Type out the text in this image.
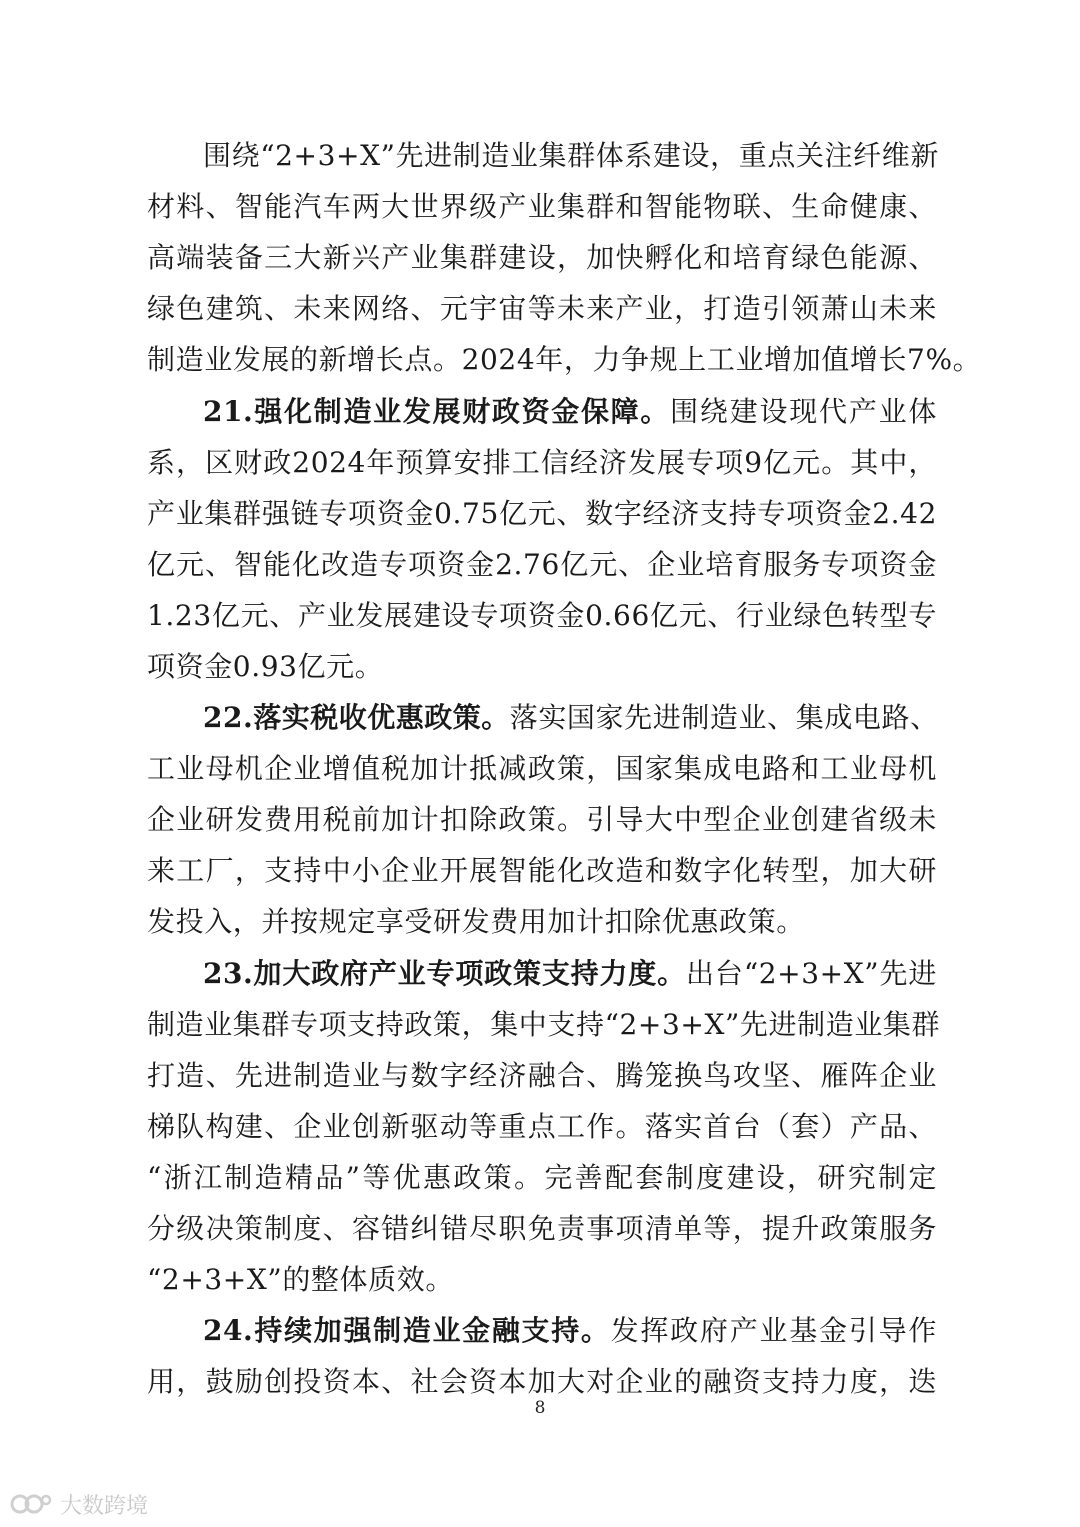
围绕“2+3+X”先进制造业集群体系建设，重点关注纤维新
材料、智能汽车两大世界级产业集群和智能物联、生命健康、
高端装备三大新兴产业集群建设，加快孵化和培育绿色能源、
绿色建筑、未来网络、元宇宙等未来产业，打造引领萧山未来
制造业发展的新增长点。2024年，力争规上工业增加值增长7%。
21.强化制造业发展财政资金保障。围绕建设现代产业体
系，区财政2024年预算安排工信经济发展专项9亿元。其中，
产业集群强链专项资金0.75亿元、数字经济支持专项资金2.42
亿元、智能化改造专项资金2.76亿元、企业培育服务专项资金
1.23亿元、产业发展建设专项资金0.66亿元、行业绿色转型专
项资金0.93亿元。
22.落实税收优惠政策。落实国家先进制造业、集成电路、
工业母机企业增值税加计抵减政策，国家集成电路和工业母机
企业研发费用税前加计扣除政策。引导大中型企业创建省级未
来工厂，支持中小企业开展智能化改造和数字化转型，加大研
发投入，并按规定享受研发费用加计扣除优惠政策。
23.加大政府产业专项政策支持力度。出台“2+3+X”先进
制造业集群专项支持政策，集中支持“2+3+X”先进制造业集群
打造、先进制造业与数字经济融合、腾笼换鸟攻坚、雁阵企业
梯队构建、企业创新驱动等重点工作。落实首台（套）产品、
“浙江制造精品”等优惠政策。完善配套制度建设，研究制定
分级决策制度、容错纠错尽职免责事项清单等，提升政策服务
“2+3+X”的整体质效。
24.持续加强制造业金融支持。发挥政府产业基金引导作
用，鼓励创投资本、社会资本加大对企业的融资支持力度，迭
8
大数跨境
